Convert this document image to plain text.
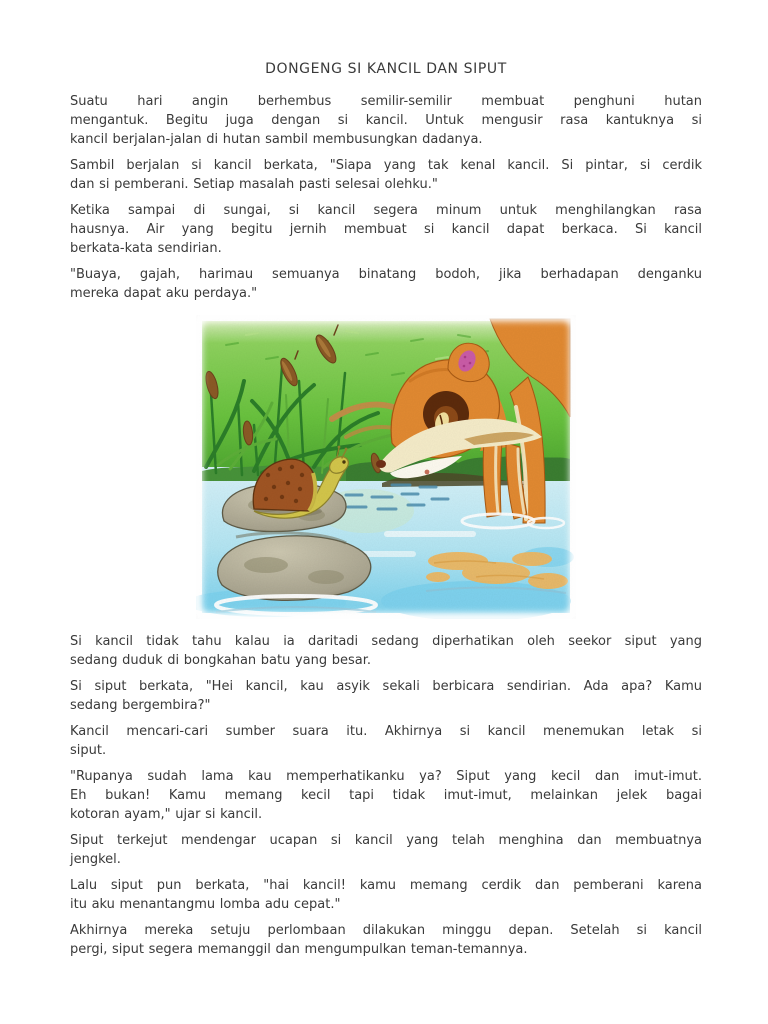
DONGENG SI KANCIL DAN SIPUT
Suatu hari angin berhembus semilir-semilir membuat penghuni hutan
mengantuk. Begitu juga dengan si kancil. Untuk mengusir rasa kantuknya si
kancil berjalan-jalan di hutan sambil membusungkan dadanya.
Sambil berjalan si kancil berkata, "Siapa yang tak kenal kancil. Si pintar, si cerdik
dan si pemberani. Setiap masalah pasti selesai olehku."
Ketika sampai di sungai, si kancil segera minum untuk menghilangkan rasa
hausnya. Air yang begitu jernih membuat si kancil dapat berkaca. Si kancil
berkata-kata sendirian.
"Buaya, gajah, harimau semuanya binatang bodoh, jika berhadapan denganku
mereka dapat aku perdaya."
Si kancil tidak tahu kalau ia daritadi sedang diperhatikan oleh seekor siput yang
sedang duduk di bongkahan batu yang besar.
Si siput berkata, "Hei kancil, kau asyik sekali berbicara sendirian. Ada apa? Kamu
sedang bergembira?"
Kancil mencari-cari sumber suara itu. Akhirnya si kancil menemukan letak si
siput.
"Rupanya sudah lama kau memperhatikanku ya? Siput yang kecil dan imut-imut.
Eh bukan! Kamu memang kecil tapi tidak imut-imut, melainkan jelek bagai
kotoran ayam," ujar si kancil.
Siput terkejut mendengar ucapan si kancil yang telah menghina dan membuatnya
jengkel.
Lalu siput pun berkata, "hai kancil! kamu memang cerdik dan pemberani karena
itu aku menantangmu lomba adu cepat."
Akhirnya mereka setuju perlombaan dilakukan minggu depan. Setelah si kancil
pergi, siput segera memanggil dan mengumpulkan teman-temannya.
